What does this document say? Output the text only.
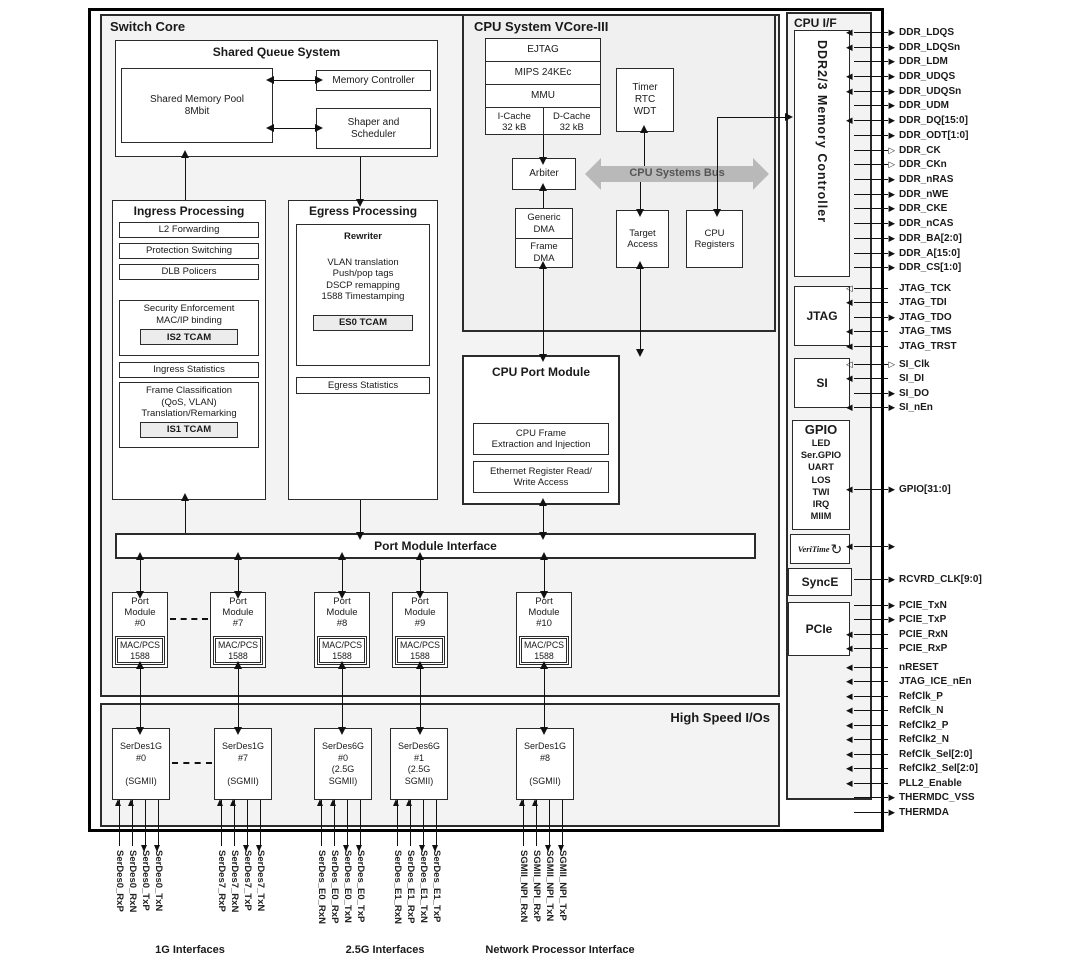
Switch Core
Shared Queue System
Shared Memory Pool
8Mbit
Memory Controller
Shaper and
Scheduler
Ingress Processing
L2 Forwarding
Protection Switching
DLB Policers
Security Enforcement
MAC/IP binding
IS2 TCAM
Ingress Statistics
Frame Classification
(QoS, VLAN)
Translation/Remarking
IS1 TCAM
Egress Processing
Rewriter
VLAN translation
Push/pop tags
DSCP remapping
1588 Timestamping
ES0 TCAM
Egress Statistics
CPU System VCore-III
EJTAG
MIPS 24KEc
MMU
I-Cache
32 kB
D-Cache
32 kB
Timer
RTC
WDT
Arbiter	CPU Systems Bus
Generic
DMA
Frame
DMA
Target
Access
CPU
Registers
CPU Port Module
CPU Frame
Extraction and Injection
Ethernet Register Read/
Write Access
Port Module Interface
Port
Module
#0
MAC/PCS
1588
Port
Module
#7
MAC/PCS
1588
Port
Module
#8
MAC/PCS
1588
Port
Module
#9
MAC/PCS
1588
Port
Module
#10
MAC/PCS
1588
High Speed I/Os
SerDes1G
#0
(SGMII)
SerDes1G
#7
(SGMII)
SerDes6G
#0
(2.5G
SGMII)
SerDes6G
#1
(2.5G
SGMII)
SerDes1G
#8
(SGMII)
SerDes0_RxP SerDes0_RxN SerDes0_TxP SerDes0_TxN	SerDes7_RxP SerDes7_RxN SerDes7_TxP SerDes7_TxN	SerDes_E0_RxN SerDes_E0_RxP SerDes_E0_TxN SerDes_E0_TxP	SerDes_E1_RxN SerDes_E1_RxP SerDes_E1_TxN SerDes_E1_TxP	SGMII_NPI_RxN SGMII_NPI_RxP SGMII_NPI_TxN SGMII_NPI_TxP
1G Interfaces	2.5G Interfaces	Network Processor Interface
CPU I/F
DDR2/3 Memory Controller
JTAG
SI
GPIO
LED
Ser.GPIO
UART
LOS
TWI
IRQ
MIIM
VeriTime ↻
SyncE
PCIe
◀
▶
DDR_LDQS
◀
▶
DDR_LDQSn
▶
DDR_LDM
◀
▶
DDR_UDQS
◀
▶
DDR_UDQSn
▶
DDR_UDM
◀
▶
DDR_DQ[15:0]
▶
DDR_ODT[1:0]
▷
DDR_CK
▷
DDR_CKn
▶
DDR_nRAS
▶
DDR_nWE
▶
DDR_CKE
▶
DDR_nCAS
▶
DDR_BA[2:0]
▶
DDR_A[15:0]
▶
DDR_CS[1:0]
◁
JTAG_TCK
◀
JTAG_TDI
▶
JTAG_TDO
◀
JTAG_TMS
◀
JTAG_TRST
◁
▷
SI_Clk
◀
SI_DI
▶
SI_DO
◀
▶
SI_nEn
◀
▶
GPIO[31:0]
◀
▶
▶
RCVRD_CLK[9:0]
▶
PCIE_TxN
▶
PCIE_TxP
◀
PCIE_RxN
◀
PCIE_RxP
◀
nRESET
◀
JTAG_ICE_nEn
◀
RefClk_P
◀
RefClk_N
◀
RefClk2_P
◀
RefClk2_N
◀
RefClk_Sel[2:0]
◀
RefClk2_Sel[2:0]
◀
PLL2_Enable
▶
THERMDC_VSS
▶
THERMDA
